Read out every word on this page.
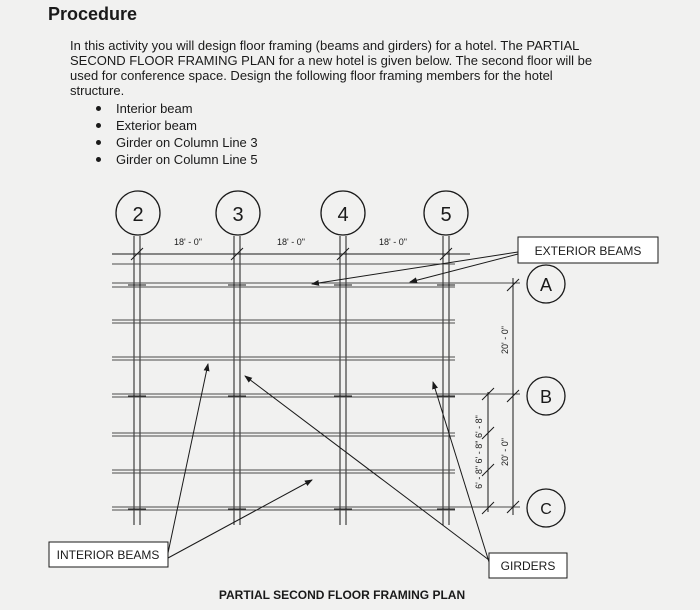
Procedure

In this activity you will design floor framing (beams and girders) for a hotel. The PARTIAL
SECOND FLOOR FRAMING PLAN for a new hotel is given below. The second floor will be
used for conference space. Design the following floor framing members for the hotel
structure.

Interior beam
Exterior beam
Girder on Column Line 3
Girder on Column Line 5
2	3	4	5
18' - 0"	18' - 0"	18' - 0"
20' - 0"
20' - 0"
6' - 8" 6' - 8" 6' - 8"
A
B
C
EXTERIOR BEAMS
INTERIOR BEAMS
GIRDERS
PARTIAL SECOND FLOOR FRAMING PLAN
